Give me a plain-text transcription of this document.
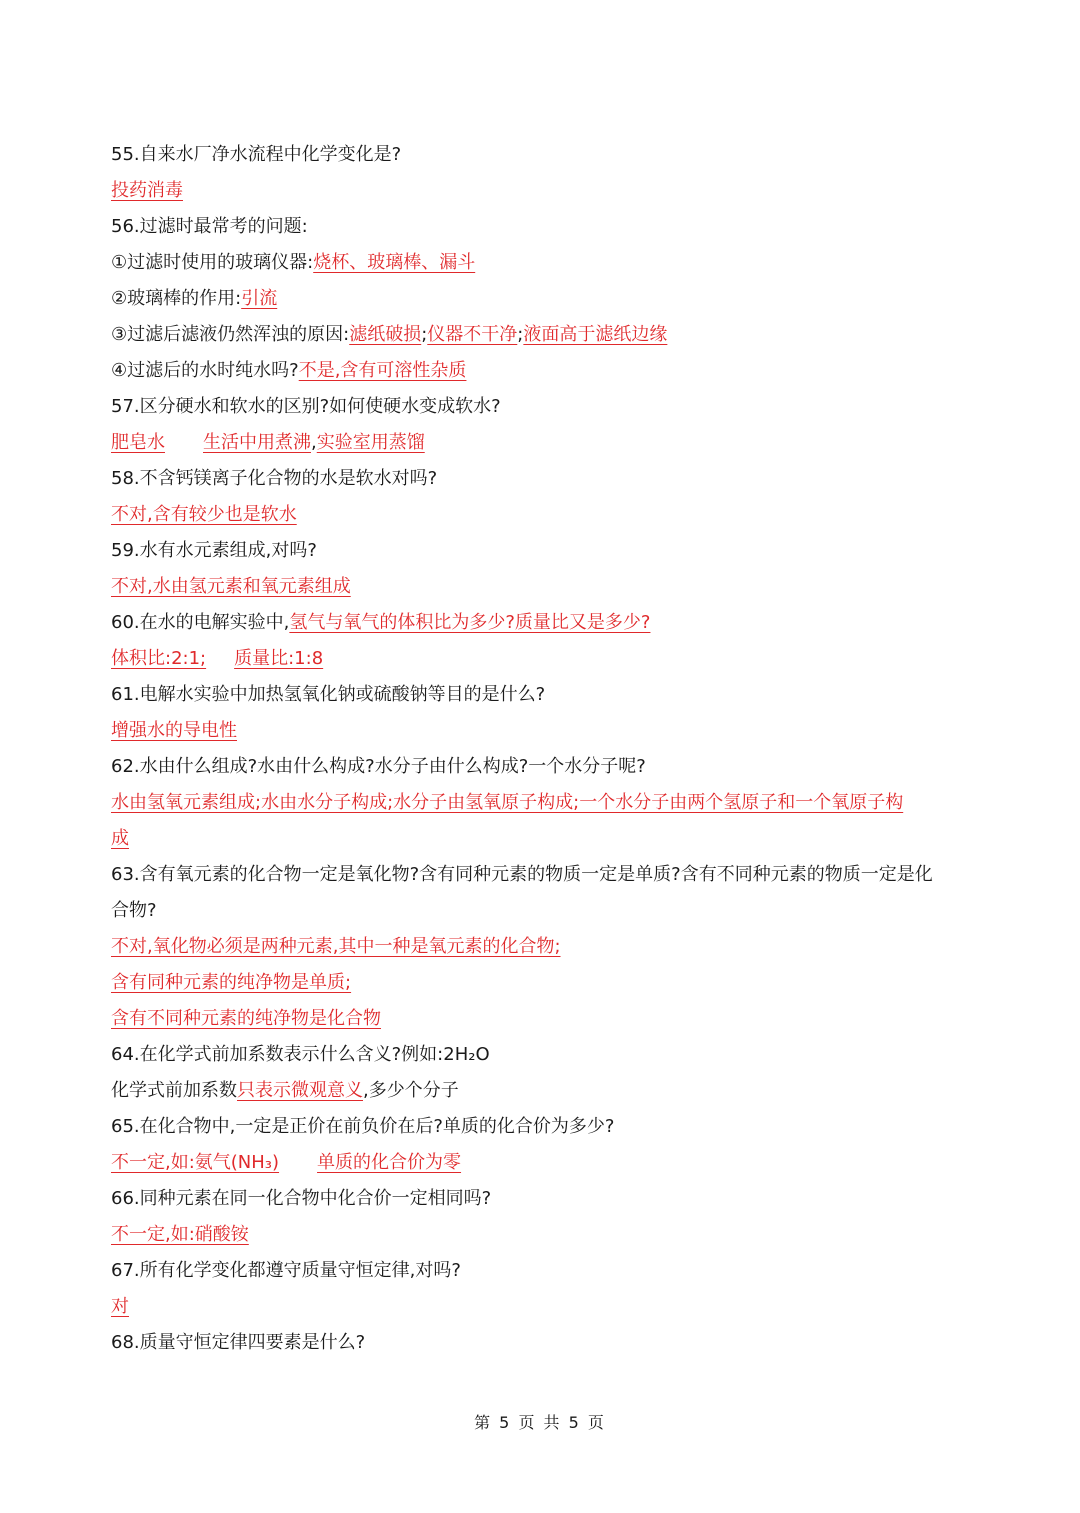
55.自来水厂净水流程中化学变化是?
投药消毒
56.过滤时最常考的问题:
①过滤时使用的玻璃仪器:烧杯、玻璃棒、漏斗
②玻璃棒的作用:引流
③过滤后滤液仍然浑浊的原因:滤纸破损;仪器不干净;液面高于滤纸边缘
④过滤后的水时纯水吗?不是,含有可溶性杂质
57.区分硬水和软水的区别?如何使硬水变成软水?
肥皂水 生活中用煮沸,实验室用蒸馏
58.不含钙镁离子化合物的水是软水对吗?
不对,含有较少也是软水
59.水有水元素组成,对吗?
不对,水由氢元素和氧元素组成
60.在水的电解实验中,氢气与氧气的体积比为多少?质量比又是多少?
体积比:2:1; 质量比:1:8
61.电解水实验中加热氢氧化钠或硫酸钠等目的是什么?
增强水的导电性
62.水由什么组成?水由什么构成?水分子由什么构成?一个水分子呢?
水由氢氧元素组成;水由水分子构成;水分子由氢氧原子构成;一个水分子由两个氢原子和一个氧原子构
成
63.含有氧元素的化合物一定是氧化物?含有同种元素的物质一定是单质?含有不同种元素的物质一定是化
合物?
不对,氧化物必须是两种元素,其中一种是氧元素的化合物;
含有同种元素的纯净物是单质;
含有不同种元素的纯净物是化合物
64.在化学式前加系数表示什么含义?例如:2H₂O
化学式前加系数只表示微观意义,多少个分子
65.在化合物中,一定是正价在前负价在后?单质的化合价为多少?
不一定,如:氨气(NH₃) 单质的化合价为零
66.同种元素在同一化合物中化合价一定相同吗?
不一定,如:硝酸铵
67.所有化学变化都遵守质量守恒定律,对吗?
对
68.质量守恒定律四要素是什么?
第 5 页 共 5 页
